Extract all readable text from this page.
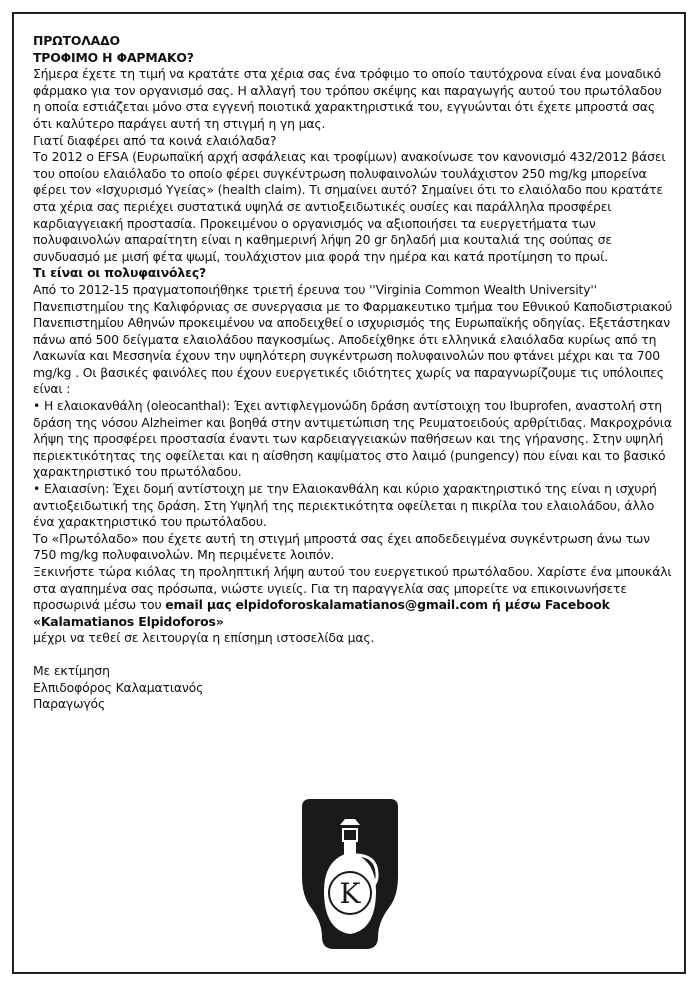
ΠΡΩΤΟΛΑΔΟ

ΤΡΟΦΙΜΟ Η ΦΑΡΜΑΚΟ?

Σήμερα έχετε τη τιμή να κρατάτε στα χέρια σας ένα τρόφιμο το οποίο ταυτόχρονα είναι ένα μοναδικό φάρμακο για τον οργανισμό σας. Η αλλαγή του τρόπου σκέψης και παραγωγής αυτού του πρωτόλαδου η οποία εστιάζεται μόνο στα εγγενή ποιοτικά χαρακτηριστικά του, εγγυώνται ότι έχετε μπροστά σας ότι καλύτερο παράγει αυτή τη στιγμή η γη μας.

Γιατί διαφέρει από τα κοινά ελαιόλαδα?

Το 2012 ο EFSA (Ευρωπαϊκή αρχή ασφάλειας και τροφίμων) ανακοίνωσε τον κανονισμό 432/2012 βάσει του οποίου ελαιόλαδο το οποίο φέρει συγκέντρωση πολυφαινολών τουλάχιστον 250 mg/kg μπορείνα φέρει τον «Ισχυρισμό Υγείας» (health claim). Τι σημαίνει αυτό? Σημαίνει ότι το ελαιόλαδο που κρατάτε στα χέρια σας περιέχει συστατικά υψηλά σε αντιοξειδωτικές ουσίες και παράλληλα προσφέρει καρδιαγγειακή προστασία. Προκειμένου ο οργανισμός να αξιοποιήσει τα ευεργετήματα των πολυφαινολών απαραίτητη είναι η καθημερινή λήψη 20 gr δηλαδή μια κουταλιά της σούπας σε συνδυασμό με μισή φέτα ψωμί, τουλάχιστον μια φορά την ημέρα και κατά προτίμηση το πρωί.

Τι είναι οι πολυφαινόλες?

Από το 2012-15 πραγματοποιήθηκε τριετή έρευνα του ''Virginia Common Wealth University'' Πανεπιστημίου της Καλιφόρνιας σε συνεργασια με το Φαρμακευτικο τμήμα του Εθνικού Καποδιστριακού Πανεπιστημίου Αθηνών προκειμένου να αποδειχθεί ο ισχυρισμός της Ευρωπαϊκής οδηγίας. Εξετάστηκαν πάνω από 500 δείγματα ελαιολάδου παγκοσμίως. Αποδείχθηκε ότι ελληνικά ελαιόλαδα κυρίως από τη Λακωνία και Μεσσηνία έχουν την υψηλότερη συγκέντρωση πολυφαινολών που φτάνει μέχρι και τα 700 mg/kg . Οι βασικές φαινόλες που έχουν ευεργετικές ιδιότητες χωρίς να παραγνωρίζουμε τις υπόλοιπες είναι :

• Η ελαιοκανθάλη (oleocanthal): Έχει αντιφλεγμονώδη δράση αντίστοιχη του Ibuprofen, αναστολή στη δράση της νόσου Alzheimer και βοηθά στην αντιμετώπιση της Ρευματοειδούς αρθρίτιδας. Μακροχρόνια λήψη της προσφέρει προστασία έναντι των καρδειαγγειακών παθήσεων και της γήρανσης. Στην υψηλή περιεκτικότητας της οφείλεται και η αίσθηση καψίματος στο λαιμό (pungency) που είναι και το βασικό χαρακτηριστικό του πρωτόλαδου.

• Ελαιασίνη: Έχει δομή αντίστοιχη με την Ελαιοκανθάλη και κύριο χαρακτηριστικό της είναι η ισχυρή αντιοξειδωτική της δράση. Στη Υψηλή της περιεκτικότητα οφείλεται η πικρίλα του ελαιολάδου, άλλο ένα χαρακτηριστικό του πρωτόλαδου.

Το «Πρωτόλαδο» που έχετε αυτή τη στιγμή μπροστά σας έχει αποδεδειγμένα συγκέντρωση άνω των 750 mg/kg πολυφαινολών. Μη περιμένετε λοιπόν.

Ξεκινήστε τώρα κιόλας τη προληπτική λήψη αυτού του ευεργετικού πρωτόλαδου. Χαρίστε ένα μπουκάλι στα αγαπημένα σας πρόσωπα, νιώστε υγιείς. Για τη παραγγελία σας μπορείτε να επικοινωνήσετε προσωρινά μέσω του email μας elpidoforoskalamatianos@gmail.com ή μέσω Facebook «Kalamatianos Elpidoforos»

μέχρι να τεθεί σε λειτουργία η επίσημη ιστοσελίδα μας.

Με εκτίμηση

Ελπιδοφόρος Καλαματιανός

Παραγωγός

K
